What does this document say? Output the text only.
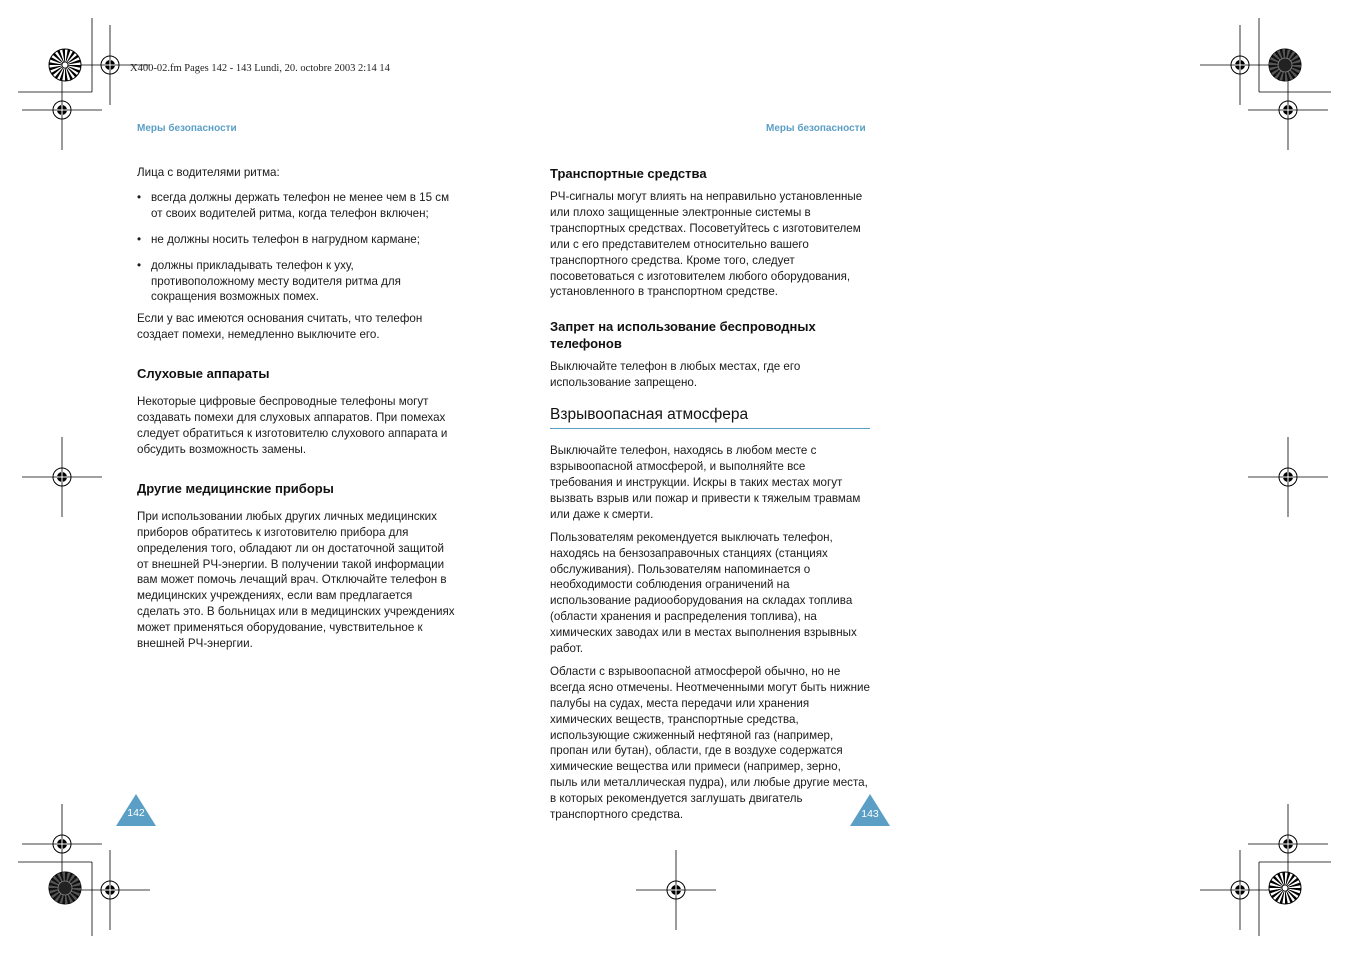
X400-02.fm Pages 142 - 143 Lundi, 20. octobre 2003 2:14 14
Меры безопасности	Меры безопасности

Лица с водителями ритма:

• всегда должны держать телефон не менее чем в 15 см от своих водителей ритма, когда телефон включен;

• не должны носить телефон в нагрудном кармане;

• должны прикладывать телефон к уху, противоположному месту водителя ритма для сокращения возможных помех.

Если у вас имеются основания считать, что телефон создает помехи, немедленно выключите его.

Слуховые аппараты

Некоторые цифровые беспроводные телефоны могут создавать помехи для слуховых аппаратов. При помехах следует обратиться к изготовителю слухового аппарата и обсудить возможность замены.

Другие медицинские приборы

При использовании любых других личных медицинских приборов обратитесь к изготовителю прибора для определения того, обладают ли он достаточной защитой от внешней РЧ-энергии. В получении такой информации вам может помочь лечащий врач. Отключайте телефон в медицинских учреждениях, если вам предлагается сделать это. В больницах или в медицинских учреждениях может применяться оборудование, чувствительное к внешней РЧ-энергии.

Транспортные средства

РЧ-сигналы могут влиять на неправильно установленные или плохо защищенные электронные системы в транспортных средствах. Посоветуйтесь с изготовителем или с его представителем относительно вашего транспортного средства. Кроме того, следует посоветоваться с изготовителем любого оборудования, установленного в транспортном средстве.

Запрет на использование беспроводных телефонов

Выключайте телефон в любых местах, где его использование запрещено.

Взрывоопасная атмосфера

Выключайте телефон, находясь в любом месте с взрывоопасной атмосферой, и выполняйте все требования и инструкции. Искры в таких местах могут вызвать взрыв или пожар и привести к тяжелым травмам или даже к смерти.

Пользователям рекомендуется выключать телефон, находясь на бензозаправочных станциях (станциях обслуживания). Пользователям напоминается о необходимости соблюдения ограничений на использование радиооборудования на складах топлива (области хранения и распределения топлива), на химических заводах или в местах выполнения взрывных работ.

Области с взрывоопасной атмосферой обычно, но не всегда ясно отмечены. Неотмеченными могут быть нижние палубы на судах, места передачи или хранения химических веществ, транспортные средства, использующие сжиженный нефтяной газ (например, пропан или бутан), области, где в воздухе содержатся химические вещества или примеси (например, зерно, пыль или металлическая пудра), или любые другие места, в которых рекомендуется заглушать двигатель транспортного средства.

142	143
